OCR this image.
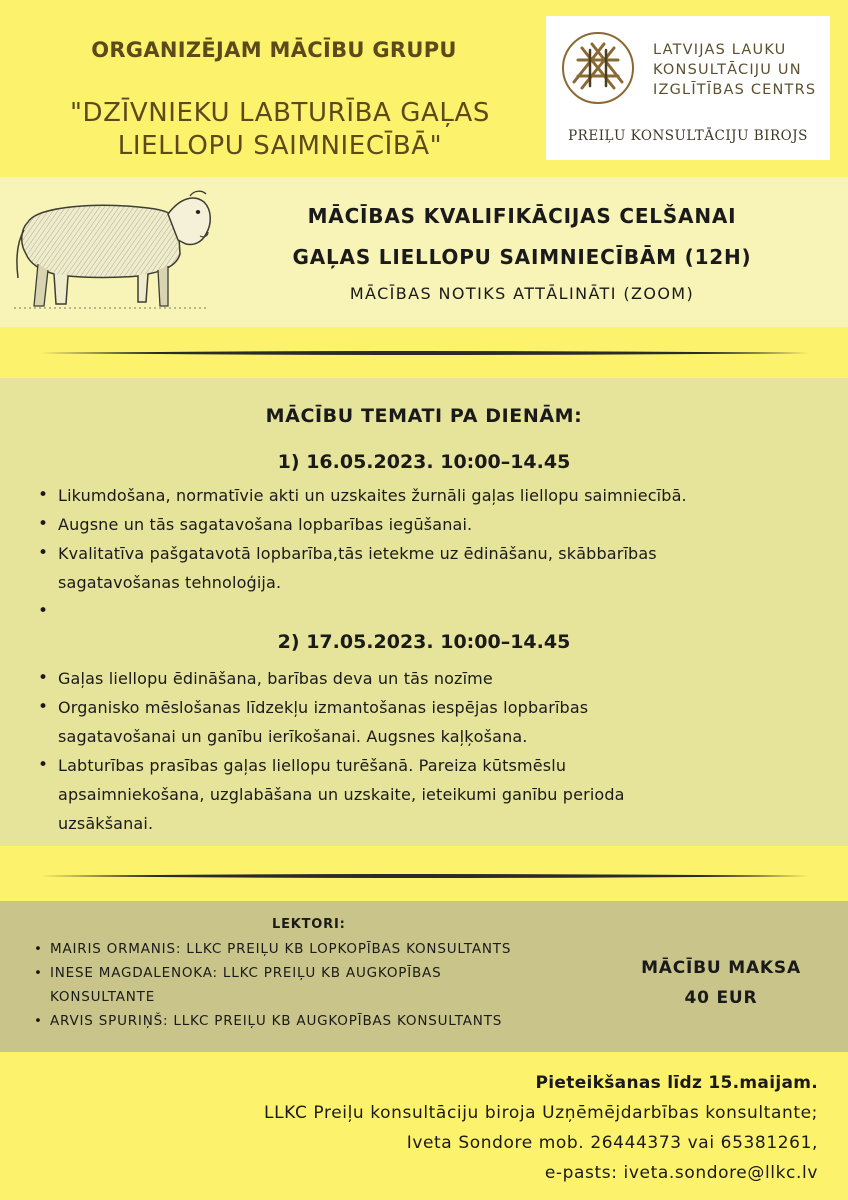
ORGANIZĒJAM MĀCĪBU GRUPU
"DZĪVNIEKU LABTURĪBA GAĻAS
LIELLOPU SAIMNIECĪBĀ"
LATVIJAS LAUKU
KONSULTĀCIJU UN
IZGLĪTĪBAS CENTRS
PREIĻU KONSULTĀCIJU BIROJS
MĀCĪBAS KVALIFIKĀCIJAS CELŠANAI
GAĻAS LIELLOPU SAIMNIECĪBĀM (12H)
MĀCĪBAS NOTIKS ATTĀLINĀTI (ZOOM)
MĀCĪBU TEMATI PA DIENĀM:
1) 16.05.2023. 10:00–14.45
• Likumdošana, normatīvie akti un uzskaites žurnāli gaļas liellopu saimniecībā.
• Augsne un tās sagatavošana lopbarības iegūšanai.
• Kvalitatīva pašgatavotā lopbarība,tās ietekme uz ēdināšanu, skābbarības
sagatavošanas tehnoloģija.
2) 17.05.2023. 10:00–14.45
• Gaļas liellopu ēdināšana, barības deva un tās nozīme
• Organisko mēslošanas līdzekļu izmantošanas iespējas lopbarības
sagatavošanai un ganību ierīkošanai. Augsnes kaļķošana.
• Labturības prasības gaļas liellopu turēšanā. Pareiza kūtsmēslu
apsaimniekošana, uzglabāšana un uzskaite, ieteikumi ganību perioda
uzsākšanai.
LEKTORI:
• MAIRIS ORMANIS: LLKC PREIĻU KB LOPKOPĪBAS KONSULTANTS
• INESE MAGDALENOKA: LLKC PREIĻU KB AUGKOPĪBAS
KONSULTANTE
• ARVIS SPURIŅŠ: LLKC PREIĻU KB AUGKOPĪBAS KONSULTANTS
MĀCĪBU MAKSA
40 EUR
Pieteikšanas līdz 15.maijam.
LLKC Preiļu konsultāciju biroja Uzņēmējdarbības konsultante;
Iveta Sondore mob. 26444373 vai 65381261,
e-pasts: iveta.sondore@llkc.lv
